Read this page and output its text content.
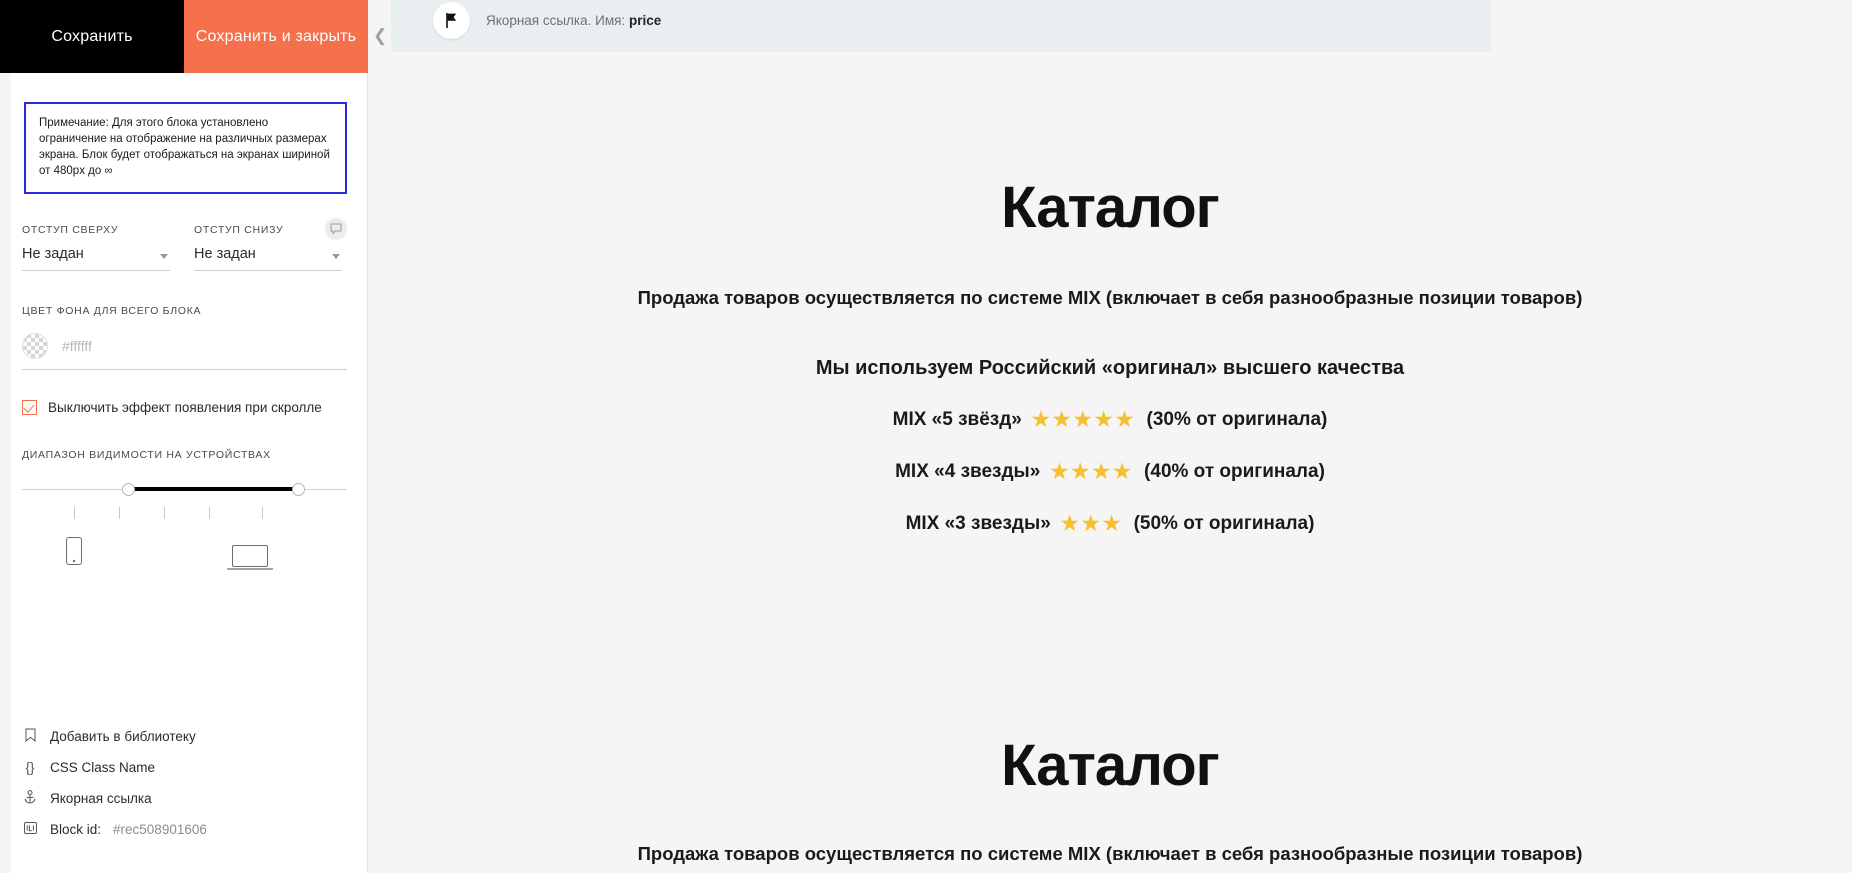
Сохранить	Сохранить и закрыть
Примечание: Для этого блока установлено ограничение на отображение на различных размерах экрана. Блок будет отображаться на экранах шириной от 480px до ∞
ОТСТУП СВЕРХУ
Не задан
ОТСТУП СНИЗУ
Не задан
ЦВЕТ ФОНА ДЛЯ ВСЕГО БЛОКА
#ffffff
Выключить эффект появления при скролле
ДИАПАЗОН ВИДИМОСТИ НА УСТРОЙСТВАХ
Добавить в библиотеку
{} CSS Class Name
Якорная ссылка
Block id: #rec508901606
❮
Якорная ссылка. Имя: price
Каталог

Продажа товаров осуществляется по системе MIX (включает в себя разнообразные позиции товаров)

Мы используем Российский «оригинал» высшего качества

MIX «5 звёзд» ★★★★★ (30% от оригинала)
MIX «4 звезды» ★★★★ (40% от оригинала)
MIX «3 звезды» ★★★ (50% от оригинала)
Каталог

Продажа товаров осуществляется по системе MIX (включает в себя разнообразные позиции товаров)
